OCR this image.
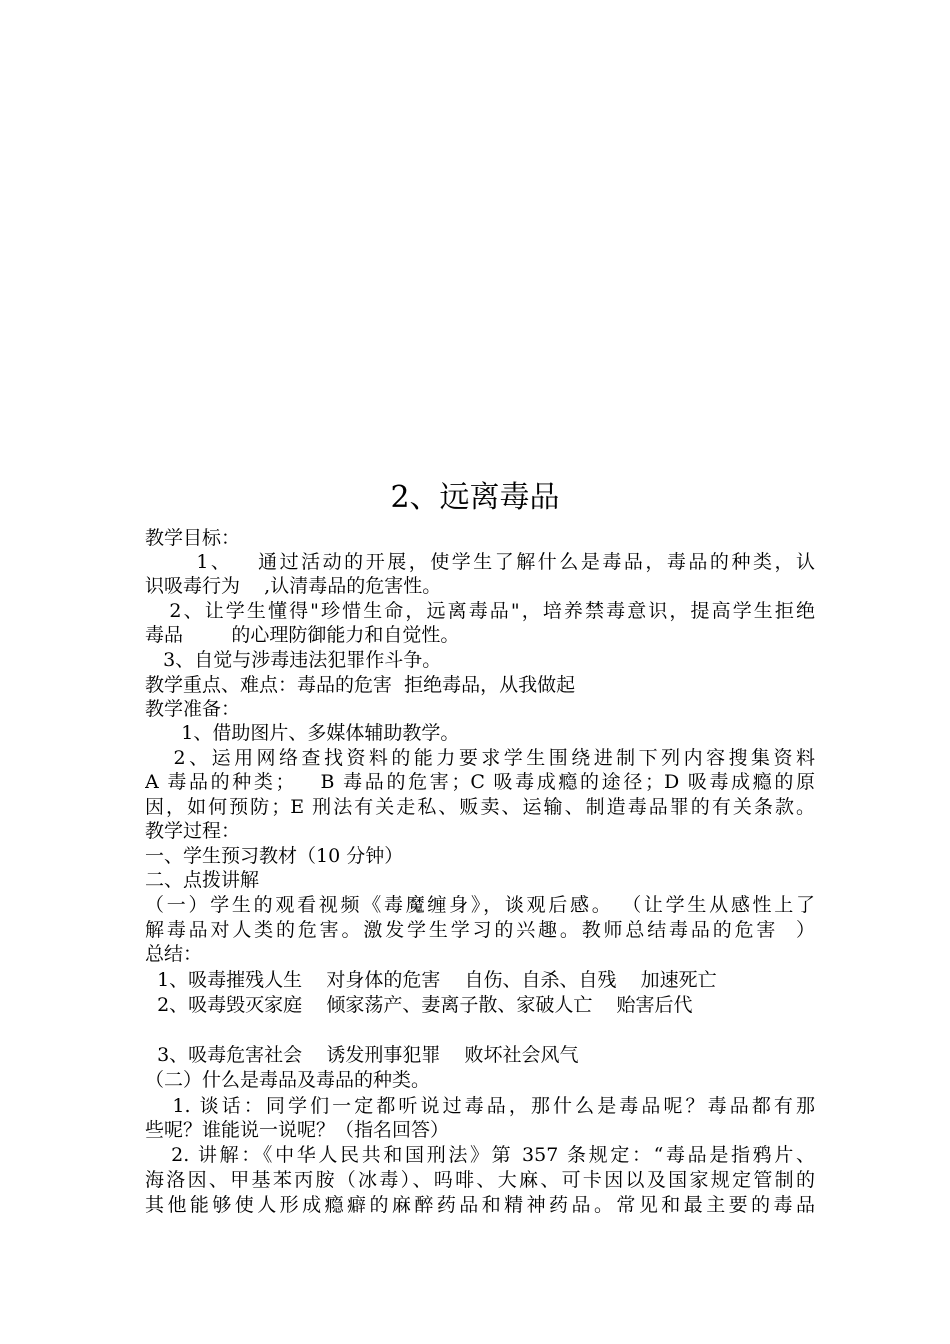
2、远离毒品
教学目标：
1、   通过活动的开展，使学生了解什么是毒品，毒品的种类，认
识吸毒行为    ,认清毒品的危害性。
2、让学生懂得"珍惜生命，远离毒品"，培养禁毒意识，提高学生拒绝
毒品        的心理防御能力和自觉性。
3、自觉与涉毒违法犯罪作斗争。
教学重点、难点：毒品的危害  拒绝毒品，从我做起
教学准备：
1、借助图片、多媒体辅助教学。
2、运用网络查找资料的能力要求学生围绕进制下列内容搜集资料
A 毒品的种类；   B 毒品的危害；C 吸毒成瘾的途径；D 吸毒成瘾的原
因，如何预防；E 刑法有关走私、贩卖、运输、制造毒品罪的有关条款。
教学过程：
一、学生预习教材（10 分钟）
二、点拨讲解
（一）学生的观看视频《毒魔缠身》，谈观后感。 （让学生从感性上了
解毒品对人类的危害。激发学生学习的兴趣。教师总结毒品的危害  ）
总结：
1、吸毒摧残人生    对身体的危害    自伤、自杀、自残    加速死亡
2、吸毒毁灭家庭    倾家荡产、妻离子散、家破人亡    贻害后代
3、吸毒危害社会    诱发刑事犯罪    败坏社会风气
（二）什么是毒品及毒品的种类。
1. 谈话：同学们一定都听说过毒品，那什么是毒品呢？毒品都有那
些呢？谁能说一说呢？（指名回答）
2. 讲解：《中华人民共和国刑法》第 357 条规定：“毒品是指鸦片、
海洛因、甲基苯丙胺（冰毒）、吗啡、大麻、可卡因以及国家规定管制的
其他能够使人形成瘾癖的麻醉药品和精神药品。常见和最主要的毒品
